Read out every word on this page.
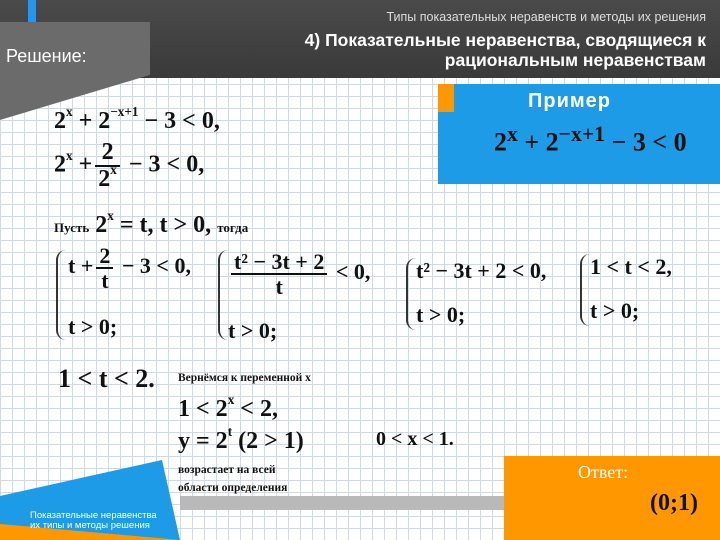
Типы показательных неравенств и методы их решения
4) Показательные неравенства, сводящиеся к рациональным неравенствам
Решение:
Пример
$2^x + 2^{-x+1} - 3 < 0$
$2^x + 2^{-x+1} - 3 < 0$,
$2^x + \frac{2}{2^x} - 3 < 0$,
Пусть $2^x = t$, t > 0, тогда
$t + \frac{2}{t} - 3 < 0$,
t > 0;
$\frac{\text{t² − 3t + 2}}{t} < 0$,
t > 0;
t² − 3t + 2 < 0,
t > 0;
1 < t < 2,
t > 0;
1 < t < 2. Вернёмся к переменной x
$1 < 2^x < 2$,
$y = 2^t$ (2 > 1)	0 < x < 1.
возрастает на всей
области определения
Показательные неравенства
их типы и методы решения
Ответ:
(0;1)
